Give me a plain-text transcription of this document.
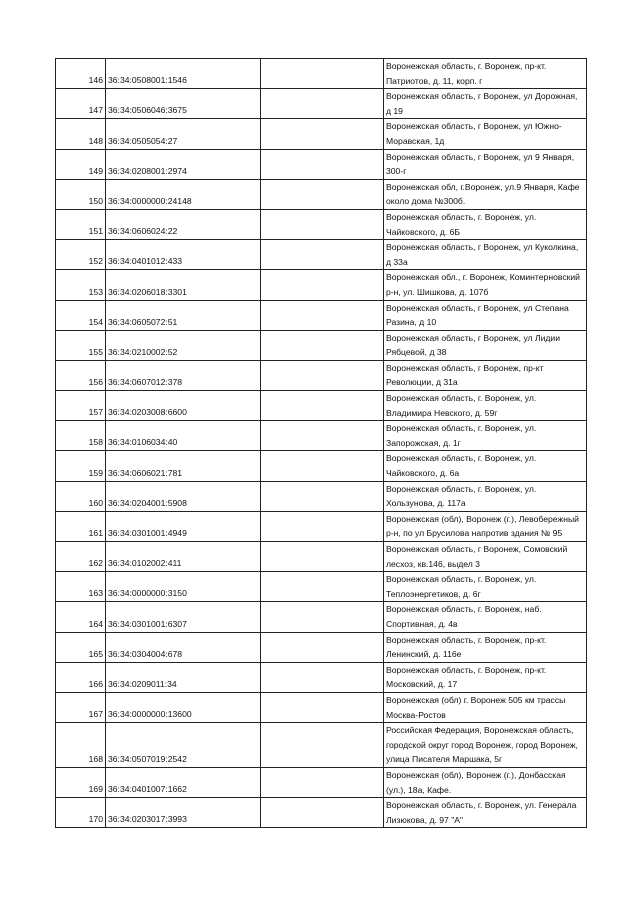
146	36:34:0508001:1546		Воронежская область, г. Воронеж, пр-кт. Патриотов, д. 11, корп. г
147	36:34:0506046:3675		Воронежская область, г Воронеж, ул Дорожная, д 19
148	36:34:0505054:27		Воронежская область, г Воронеж, ул Южно-Моравская, 1д
149	36:34:0208001:2974		Воронежская область, г Воронеж, ул 9 Января, 300-г
150	36:34:0000000:24148		Воронежская обл, г.Воронеж, ул.9 Января, Кафе около дома №300б.
151	36:34:0606024:22		Воронежская область, г. Воронеж, ул. Чайковского, д. 6Б
152	36:34:0401012:433		Воронежская область, г Воронеж, ул Куколкина, д 33а
153	36:34:0206018:3301		Воронежская обл., г. Воронеж, Коминтерновский р-н, ул. Шишкова, д. 107б
154	36:34:0605072:51		Воронежская область, г Воронеж, ул Степана Разина, д 10
155	36:34:0210002:52		Воронежская область, г Воронеж, ул Лидии Рябцевой, д 38
156	36:34:0607012:378		Воронежская область, г Воронеж, пр-кт Революции, д 31а
157	36:34:0203008:6600		Воронежская область, г. Воронеж, ул. Владимира Невского, д. 59г
158	36:34:0106034:40		Воронежская область, г. Воронеж, ул. Запорожская, д. 1г
159	36:34:0606021:781		Воронежская область, г. Воронеж, ул. Чайковского, д. 6а
160	36:34:0204001:5908		Воронежская область, г. Воронеж, ул. Хользунова, д. 117а
161	36:34:0301001:4949		Воронежская (обл), Воронеж (г.), Левобережный р-н, по ул Брусилова напротив здания № 95
162	36:34:0102002:411		Воронежская область, г Воронеж, Сомовский лесхоз, кв.146, выдел 3
163	36:34:0000000:3150		Воронежская область, г. Воронеж, ул. Теплоэнергетиков, д. 6г
164	36:34:0301001:6307		Воронежская область, г. Воронеж, наб. Спортивная, д. 4в
165	36:34:0304004:678		Воронежская область, г. Воронеж, пр-кт. Ленинский, д. 116е
166	36:34:0209011:34		Воронежская область, г. Воронеж, пр-кт. Московский, д. 17
167	36:34:0000000:13600		Воронежская (обл) г. Воронеж 505 км трассы Москва-Ростов
168	36:34:0507019:2542		Российская Федерация, Воронежская область, городской округ город Воронеж, город Воронеж, улица Писателя Маршака, 5г
169	36:34:0401007:1662		Воронежская (обл), Воронеж (г.), Донбасская (ул.), 18а, Кафе.
170	36:34:0203017:3993		Воронежская область, г. Воронеж, ул. Генерала Лизюкова, д. 97 "А"
